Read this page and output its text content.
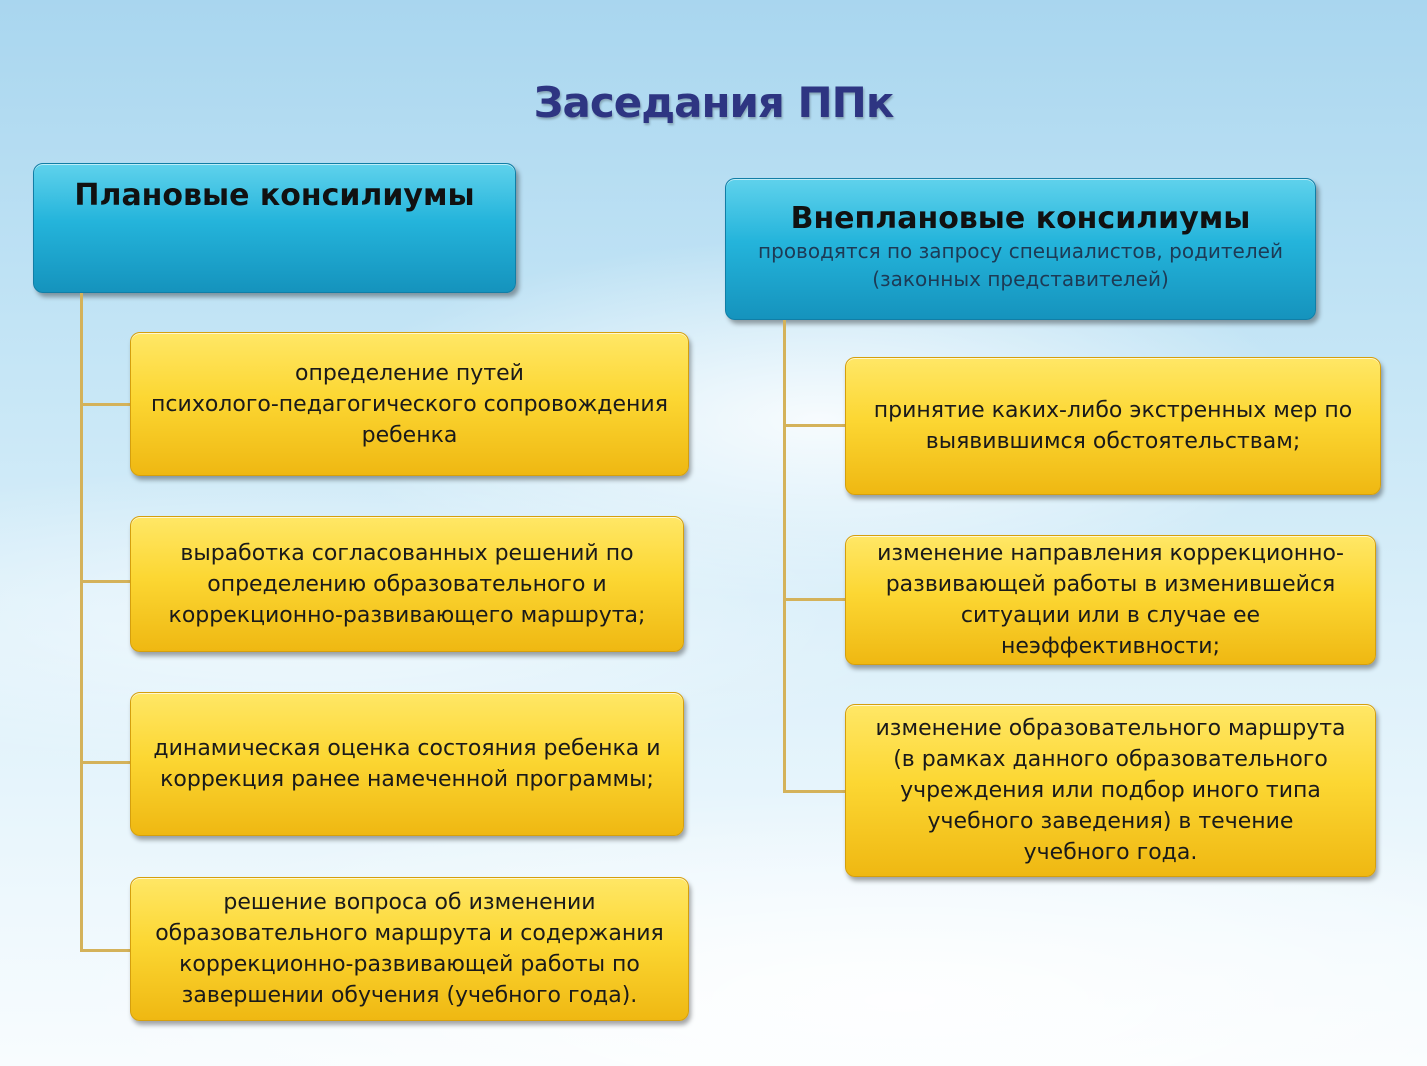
Заседания ППк
Плановые консилиумы
определение путей
психолого-педагогического сопровождения
ребенка
выработка согласованных решений по
определению образовательного и
коррекционно-развивающего маршрута;
динамическая оценка состояния ребенка и
коррекция ранее намеченной программы;
решение вопроса об изменении
образовательного маршрута и содержания
коррекционно-развивающей работы по
завершении обучения (учебного года).
Внеплановые консилиумы
проводятся по запросу специалистов, родителей
(законных представителей)
принятие каких-либо экстренных мер по
выявившимся обстоятельствам;
изменение направления коррекционно-
развивающей работы в изменившейся
ситуации или в случае ее
неэффективности;
изменение образовательного маршрута
(в рамках данного образовательного
учреждения или подбор иного типа
учебного заведения) в течение
учебного года.
